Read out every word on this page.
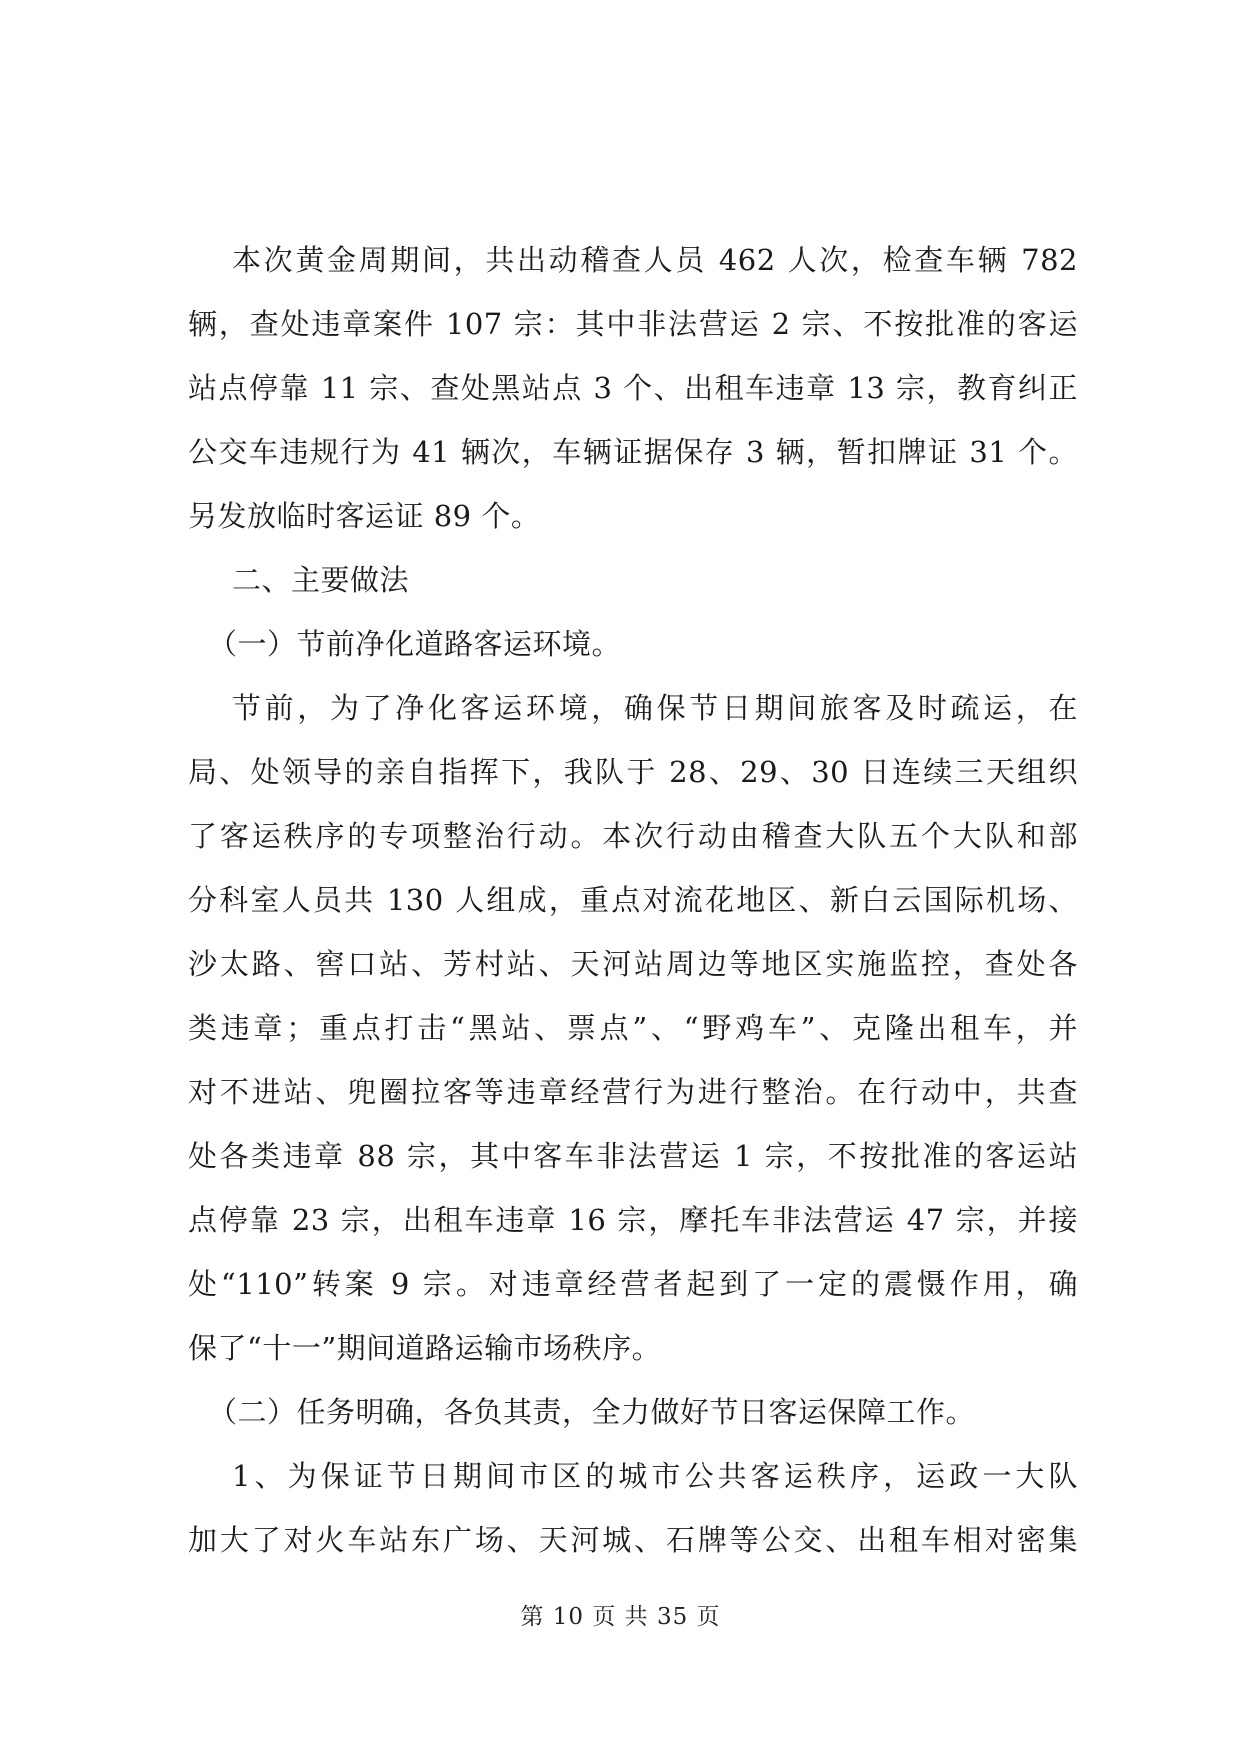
本次黄金周期间，共出动稽查人员 462 人次，检查车辆 782
辆，查处违章案件 107 宗：其中非法营运 2 宗、不按批准的客运
站点停靠 11 宗、查处黑站点 3 个、出租车违章 13 宗，教育纠正
公交车违规行为 41 辆次，车辆证据保存 3 辆，暂扣牌证 31 个。
另发放临时客运证 89 个。
二、主要做法
（一）节前净化道路客运环境。
节前，为了净化客运环境，确保节日期间旅客及时疏运，在
局、处领导的亲自指挥下，我队于 28、29、30 日连续三天组织
了客运秩序的专项整治行动。本次行动由稽查大队五个大队和部
分科室人员共 130 人组成，重点对流花地区、新白云国际机场、
沙太路、窖口站、芳村站、天河站周边等地区实施监控，查处各
类违章；重点打击“黑站、票点”、“野鸡车”、克隆出租车，并
对不进站、兜圈拉客等违章经营行为进行整治。在行动中，共查
处各类违章 88 宗，其中客车非法营运 1 宗，不按批准的客运站
点停靠 23 宗，出租车违章 16 宗，摩托车非法营运 47 宗，并接
处“110”转案 9 宗。对违章经营者起到了一定的震慑作用，确
保了“十一”期间道路运输市场秩序。
（二）任务明确，各负其责，全力做好节日客运保障工作。
1、为保证节日期间市区的城市公共客运秩序，运政一大队
加大了对火车站东广场、天河城、石牌等公交、出租车相对密集
第 10 页 共 35 页
